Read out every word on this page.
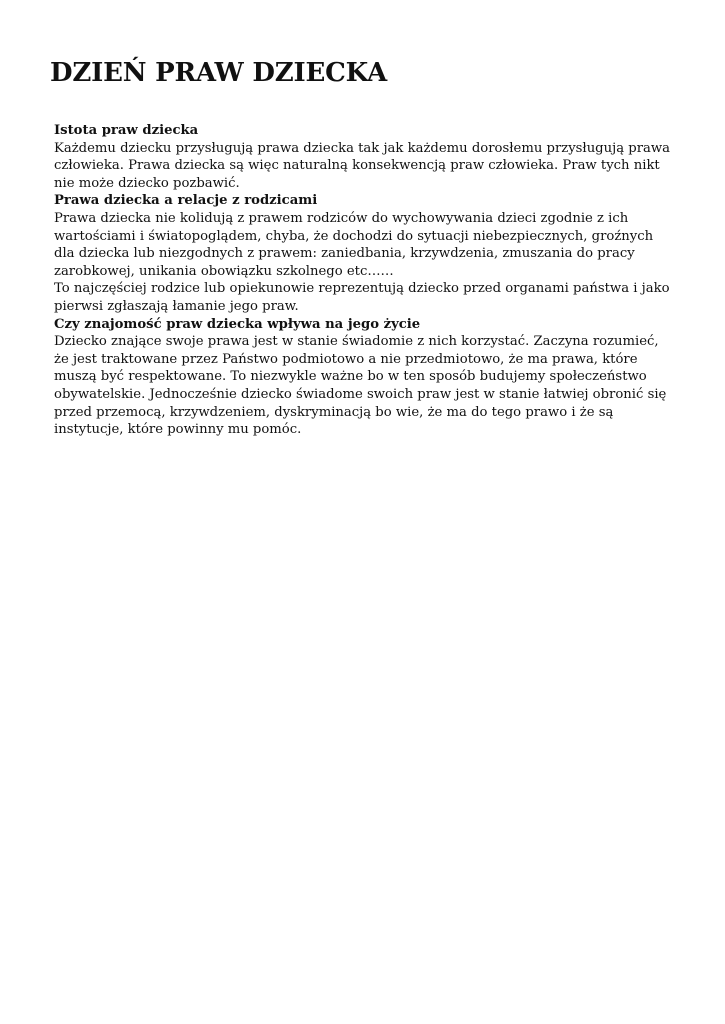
DZIEŃ PRAW DZIECKA
Istota praw dziecka

Każdemu dziecku przysługują prawa dziecka tak jak każdemu dorosłemu przysługują prawa człowieka. Prawa dziecka są więc naturalną konsekwencją praw człowieka. Praw tych nikt nie może dziecko pozbawić.

Prawa dziecka a relacje z rodzicami

Prawa dziecka nie kolidują z prawem rodziców do wychowywania dzieci zgodnie z ich wartościami i światopoglądem, chyba, że dochodzi do sytuacji niebezpiecznych, groźnych dla dziecka lub niezgodnych z prawem: zaniedbania, krzywdzenia, zmuszania do pracy zarobkowej, unikania obowiązku szkolnego etc……

To najczęściej rodzice lub opiekunowie reprezentują dziecko przed organami państwa i jako pierwsi zgłaszają łamanie jego praw.

Czy znajomość praw dziecka wpływa na jego życie

Dziecko znające swoje prawa jest w stanie świadomie z nich korzystać. Zaczyna rozumieć, że jest traktowane przez Państwo podmiotowo a nie przedmiotowo, że ma prawa, które muszą być respektowane. To niezwykle ważne bo w ten sposób budujemy społeczeństwo obywatelskie. Jednocześnie dziecko świadome swoich praw jest w stanie łatwiej obronić się przed przemocą, krzywdzeniem, dyskryminacją bo wie, że ma do tego prawo i że są instytucje, które powinny mu pomóc.
